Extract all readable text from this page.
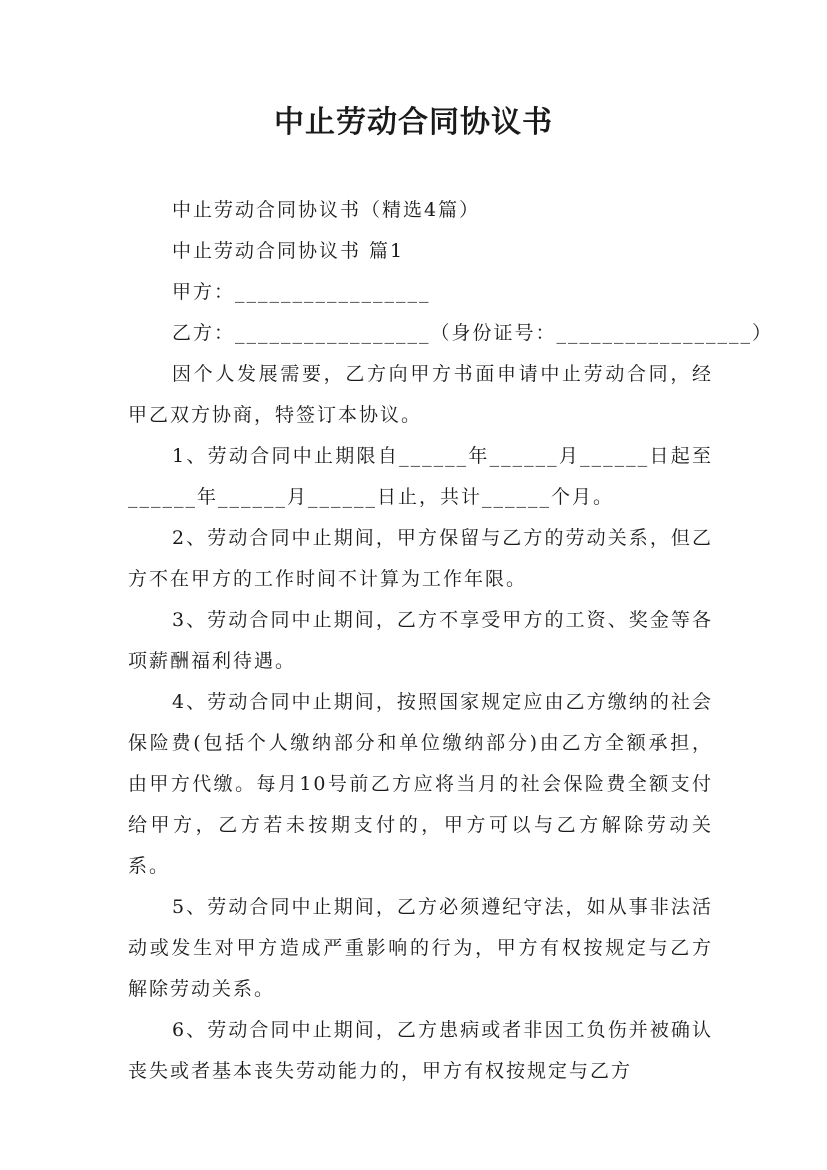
中止劳动合同协议书
中止劳动合同协议书（精选4篇）
中止劳动合同协议书 篇1
甲方：_________________
乙方：_________________（身份证号：_________________）

因个人发展需要，乙方向甲方书面申请中止劳动合同，经甲乙双方协商，特签订本协议。

1、劳动合同中止期限自______年______月______日起至______年______月______日止，共计______个月。

2、劳动合同中止期间，甲方保留与乙方的劳动关系，但乙方不在甲方的工作时间不计算为工作年限。

3、劳动合同中止期间，乙方不享受甲方的工资、奖金等各项薪酬福利待遇。

4、劳动合同中止期间，按照国家规定应由乙方缴纳的社会保险费(包括个人缴纳部分和单位缴纳部分)由乙方全额承担，由甲方代缴。每月10号前乙方应将当月的社会保险费全额支付给甲方，乙方若未按期支付的，甲方可以与乙方解除劳动关系。

5、劳动合同中止期间，乙方必须遵纪守法，如从事非法活动或发生对甲方造成严重影响的行为，甲方有权按规定与乙方解除劳动关系。

6、劳动合同中止期间，乙方患病或者非因工负伤并被确认丧失或者基本丧失劳动能力的，甲方有权按规定与乙方
